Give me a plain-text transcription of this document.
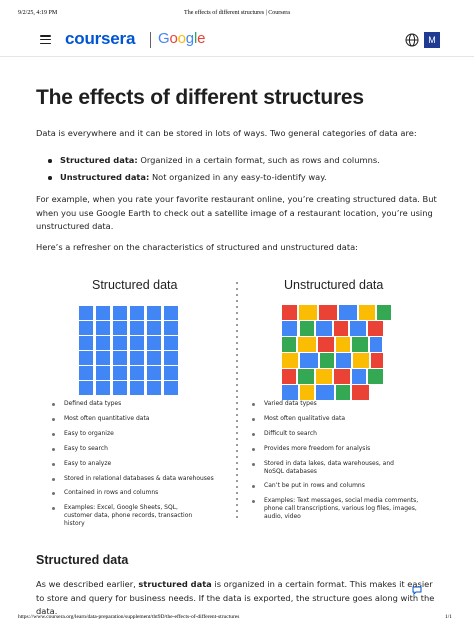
9/2/25, 4:19 PM	The effects of different structures | Coursera
coursera Google	M
The effects of different structures

Data is everywhere and it can be stored in lots of ways. Two general categories of data are:

Structured data: Organized in a certain format, such as rows and columns.
Unstructured data: Not organized in any easy-to-identify way.

For example, when you rate your favorite restaurant online, you’re creating structured data. But when you use Google Earth to check out a satellite image of a restaurant location, you’re using unstructured data.

Here’s a refresher on the characteristics of structured and unstructured data:

Structured data	Unstructured data
Defined data types
Most often quantitative data
Easy to organize
Easy to search
Easy to analyze
Stored in relational databases & data warehouses
Contained in rows and columns
Examples: Excel, Google Sheets, SQL, customer data, phone records, transaction history
Varied data types
Most often qualitative data
Difficult to search
Provides more freedom for analysis
Stored in data lakes, data warehouses, and NoSQL databases
Can’t be put in rows and columns
Examples: Text messages, social media comments, phone call transcriptions, various log files, images, audio, video
Structured data

As we described earlier, structured data is organized in a certain format. This makes it easier to store and query for business needs. If the data is exported, the structure goes along with the data.

https://www.coursera.org/learn/data-preparation/supplement/tht9D/the-effects-of-different-structures	1/1
